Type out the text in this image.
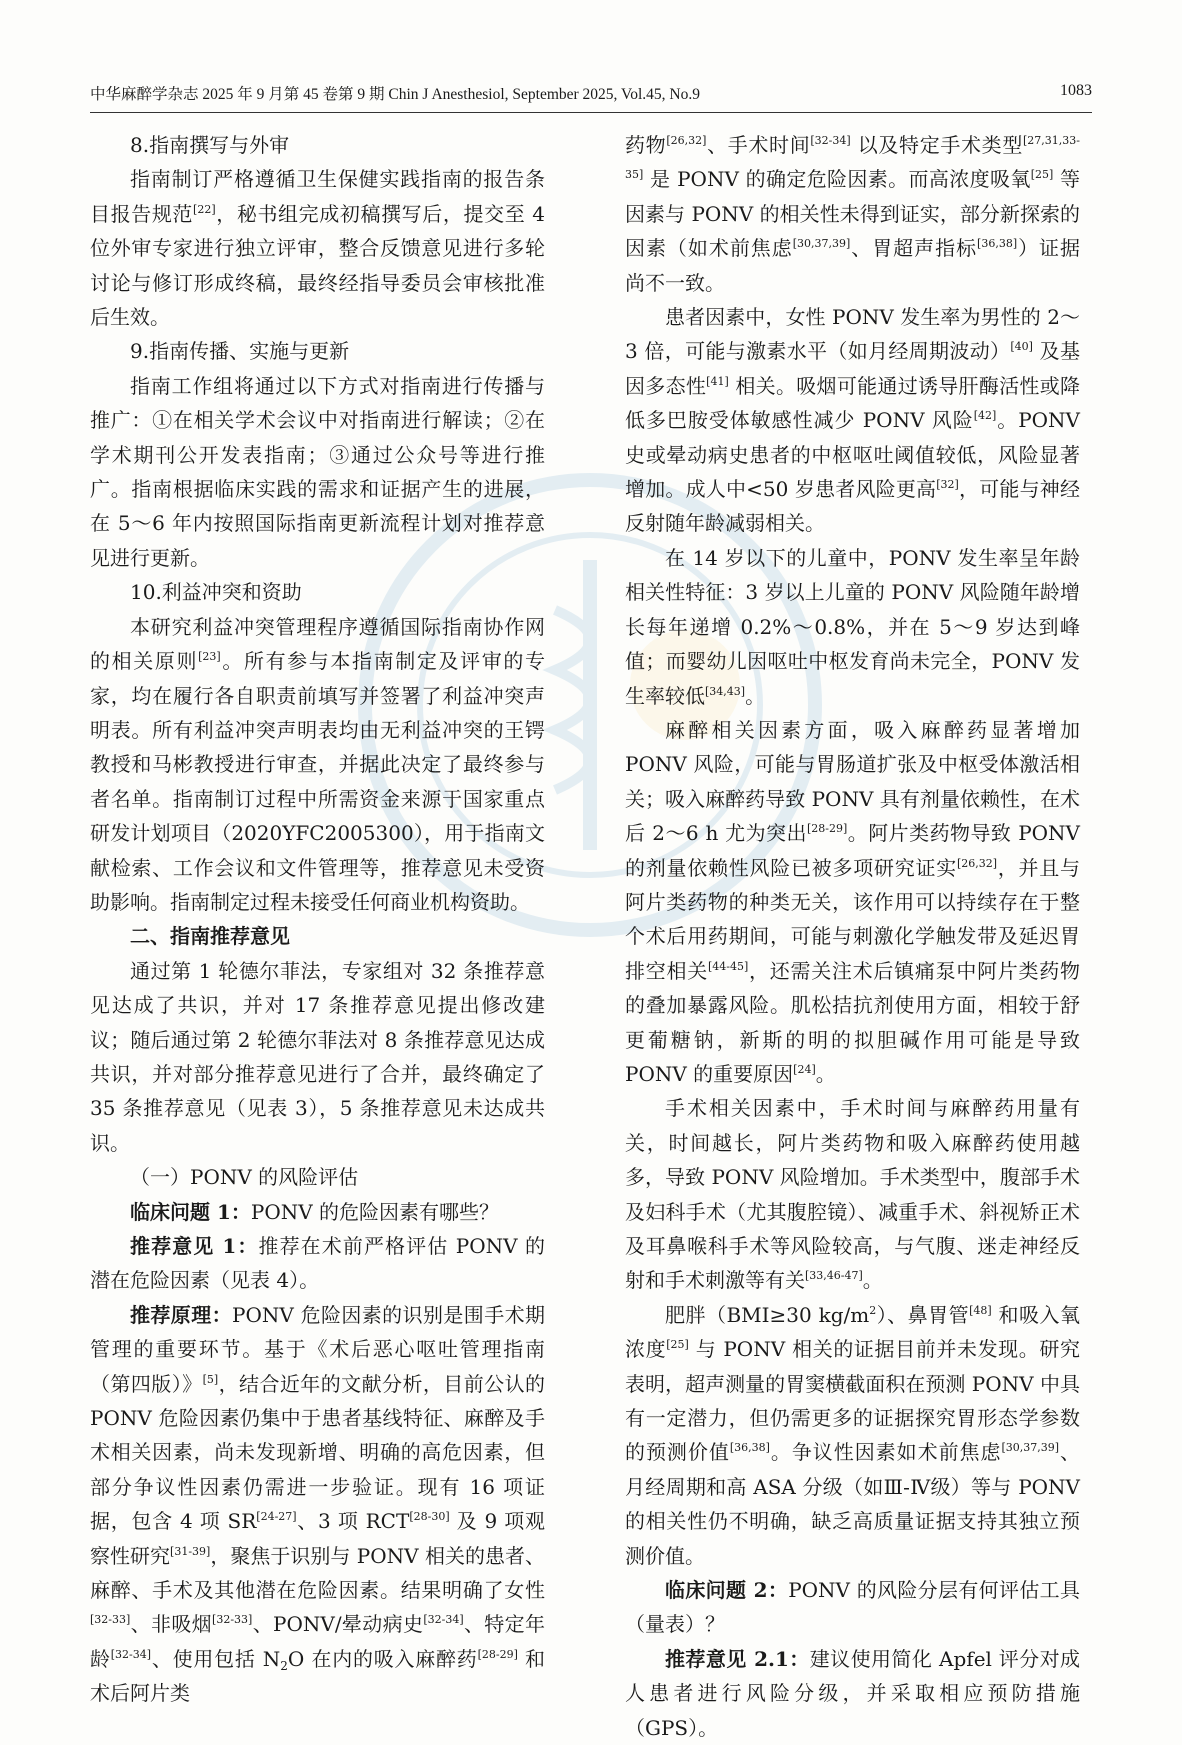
中华麻醉学杂志 2025 年 9 月第 45 卷第 9 期 Chin J Anesthesiol, September 2025, Vol.45, No.9	1083

8.指南撰写与外审

指南制订严格遵循卫生保健实践指南的报告条目报告规范[22]，秘书组完成初稿撰写后，提交至 4 位外审专家进行独立评审，整合反馈意见进行多轮讨论与修订形成终稿，最终经指导委员会审核批准后生效。

9.指南传播、实施与更新

指南工作组将通过以下方式对指南进行传播与推广：①在相关学术会议中对指南进行解读；②在学术期刊公开发表指南；③通过公众号等进行推广。指南根据临床实践的需求和证据产生的进展，在 5～6 年内按照国际指南更新流程计划对推荐意见进行更新。

10.利益冲突和资助

本研究利益冲突管理程序遵循国际指南协作网的相关原则[23]。所有参与本指南制定及评审的专家，均在履行各自职责前填写并签署了利益冲突声明表。所有利益冲突声明表均由无利益冲突的王锷教授和马彬教授进行审查，并据此决定了最终参与者名单。指南制订过程中所需资金来源于国家重点研发计划项目（2020YFC2005300），用于指南文献检索、工作会议和文件管理等，推荐意见未受资助影响。指南制定过程未接受任何商业机构资助。

二、指南推荐意见

通过第 1 轮德尔菲法，专家组对 32 条推荐意见达成了共识，并对 17 条推荐意见提出修改建议；随后通过第 2 轮德尔菲法对 8 条推荐意见达成共识，并对部分推荐意见进行了合并，最终确定了 35 条推荐意见（见表 3），5 条推荐意见未达成共识。

（一）PONV 的风险评估

临床问题 1：PONV 的危险因素有哪些？

推荐意见 1：推荐在术前严格评估 PONV 的潜在危险因素（见表 4）。

推荐原理：PONV 危险因素的识别是围手术期管理的重要环节。基于《术后恶心呕吐管理指南（第四版）》[5]，结合近年的文献分析，目前公认的 PONV 危险因素仍集中于患者基线特征、麻醉及手术相关因素，尚未发现新增、明确的高危因素，但部分争议性因素仍需进一步验证。现有 16 项证据，包含 4 项 SR[24-27]、3 项 RCT[28-30] 及 9 项观察性研究[31-39]，聚焦于识别与 PONV 相关的患者、麻醉、手术及其他潜在危险因素。结果明确了女性[32-33]、非吸烟[32-33]、PONV/晕动病史[32-34]、特定年龄[32-34]、使用包括 $N_2O$ 在内的吸入麻醉药[28-29] 和术后阿片类

药物[26,32]、手术时间[32-34] 以及特定手术类型[27,31,33-35] 是 PONV 的确定危险因素。而高浓度吸氧[25] 等因素与 PONV 的相关性未得到证实，部分新探索的因素（如术前焦虑[30,37,39]、胃超声指标[36,38]）证据尚不一致。

患者因素中，女性 PONV 发生率为男性的 2～3 倍，可能与激素水平（如月经周期波动）[40] 及基因多态性[41] 相关。吸烟可能通过诱导肝酶活性或降低多巴胺受体敏感性减少 PONV 风险[42]。PONV 史或晕动病史患者的中枢呕吐阈值较低，风险显著增加。成人中<50 岁患者风险更高[32]，可能与神经反射随年龄减弱相关。

在 14 岁以下的儿童中，PONV 发生率呈年龄相关性特征：3 岁以上儿童的 PONV 风险随年龄增长每年递增 0.2%～0.8%，并在 5～9 岁达到峰值；而婴幼儿因呕吐中枢发育尚未完全，PONV 发生率较低[34,43]。

麻醉相关因素方面，吸入麻醉药显著增加 PONV 风险，可能与胃肠道扩张及中枢受体激活相关；吸入麻醉药导致 PONV 具有剂量依赖性，在术后 2～6 h 尤为突出[28-29]。阿片类药物导致 PONV 的剂量依赖性风险已被多项研究证实[26,32]，并且与阿片类药物的种类无关，该作用可以持续存在于整个术后用药期间，可能与刺激化学触发带及延迟胃排空相关[44-45]，还需关注术后镇痛泵中阿片类药物的叠加暴露风险。肌松拮抗剂使用方面，相较于舒更葡糖钠，新斯的明的拟胆碱作用可能是导致 PONV 的重要原因[24]。

手术相关因素中，手术时间与麻醉药用量有关，时间越长，阿片类药物和吸入麻醉药使用越多，导致 PONV 风险增加。手术类型中，腹部手术及妇科手术（尤其腹腔镜）、减重手术、斜视矫正术及耳鼻喉科手术等风险较高，与气腹、迷走神经反射和手术刺激等有关[33,46-47]。

肥胖（BMI≥30 $kg/m^2$）、鼻胃管[48] 和吸入氧浓度[25] 与 PONV 相关的证据目前并未发现。研究表明，超声测量的胃窦横截面积在预测 PONV 中具有一定潜力，但仍需更多的证据探究胃形态学参数的预测价值[36,38]。争议性因素如术前焦虑[30,37,39]、月经周期和高 ASA 分级（如Ⅲ-Ⅳ级）等与 PONV 的相关性仍不明确，缺乏高质量证据支持其独立预测价值。

临床问题 2：PONV 的风险分层有何评估工具（量表）？

推荐意见 2.1：建议使用简化 Apfel 评分对成人患者进行风险分级，并采取相应预防措施（GPS）。
